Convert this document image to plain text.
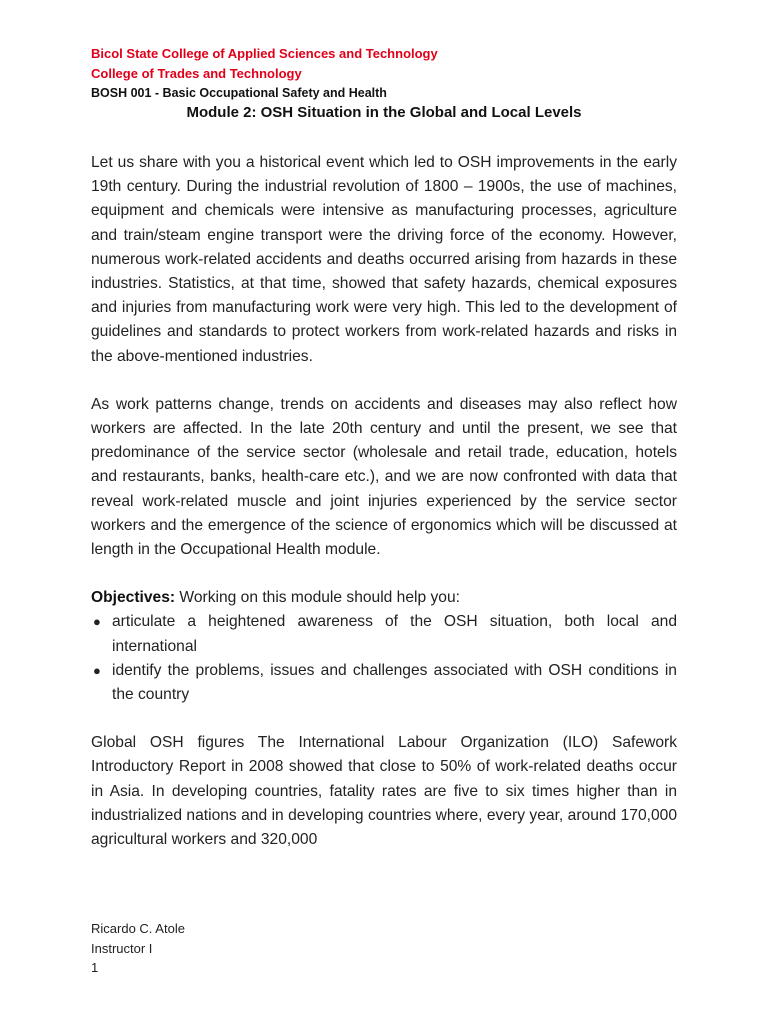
Bicol State College of Applied Sciences and Technology
College of Trades and Technology
BOSH 001 - Basic Occupational Safety and Health
Module 2: OSH Situation in the Global and Local Levels

Let us share with you a historical event which led to OSH improvements in the early 19th century. During the industrial revolution of 1800 – 1900s, the use of machines, equipment and chemicals were intensive as manufacturing processes, agriculture and train/steam engine transport were the driving force of the economy. However, numerous work-related accidents and deaths occurred arising from hazards in these industries. Statistics, at that time, showed that safety hazards, chemical exposures and injuries from manufacturing work were very high. This led to the development of guidelines and standards to protect workers from work-related hazards and risks in the above-mentioned industries.

As work patterns change, trends on accidents and diseases may also reflect how workers are affected. In the late 20th century and until the present, we see that predominance of the service sector (wholesale and retail trade, education, hotels and restaurants, banks, health-care etc.), and we are now confronted with data that reveal work-related muscle and joint injuries experienced by the service sector workers and the emergence of the science of ergonomics which will be discussed at length in the Occupational Health module.

Objectives: Working on this module should help you:

● articulate a heightened awareness of the OSH situation, both local and international
● identify the problems, issues and challenges associated with OSH conditions in the country

Global OSH figures The International Labour Organization (ILO) Safework Introductory Report in 2008 showed that close to 50% of work-related deaths occur in Asia. In developing countries, fatality rates are five to six times higher than in industrialized nations and in developing countries where, every year, around 170,000 agricultural workers and 320,000

Ricardo C. Atole
Instructor I
1
